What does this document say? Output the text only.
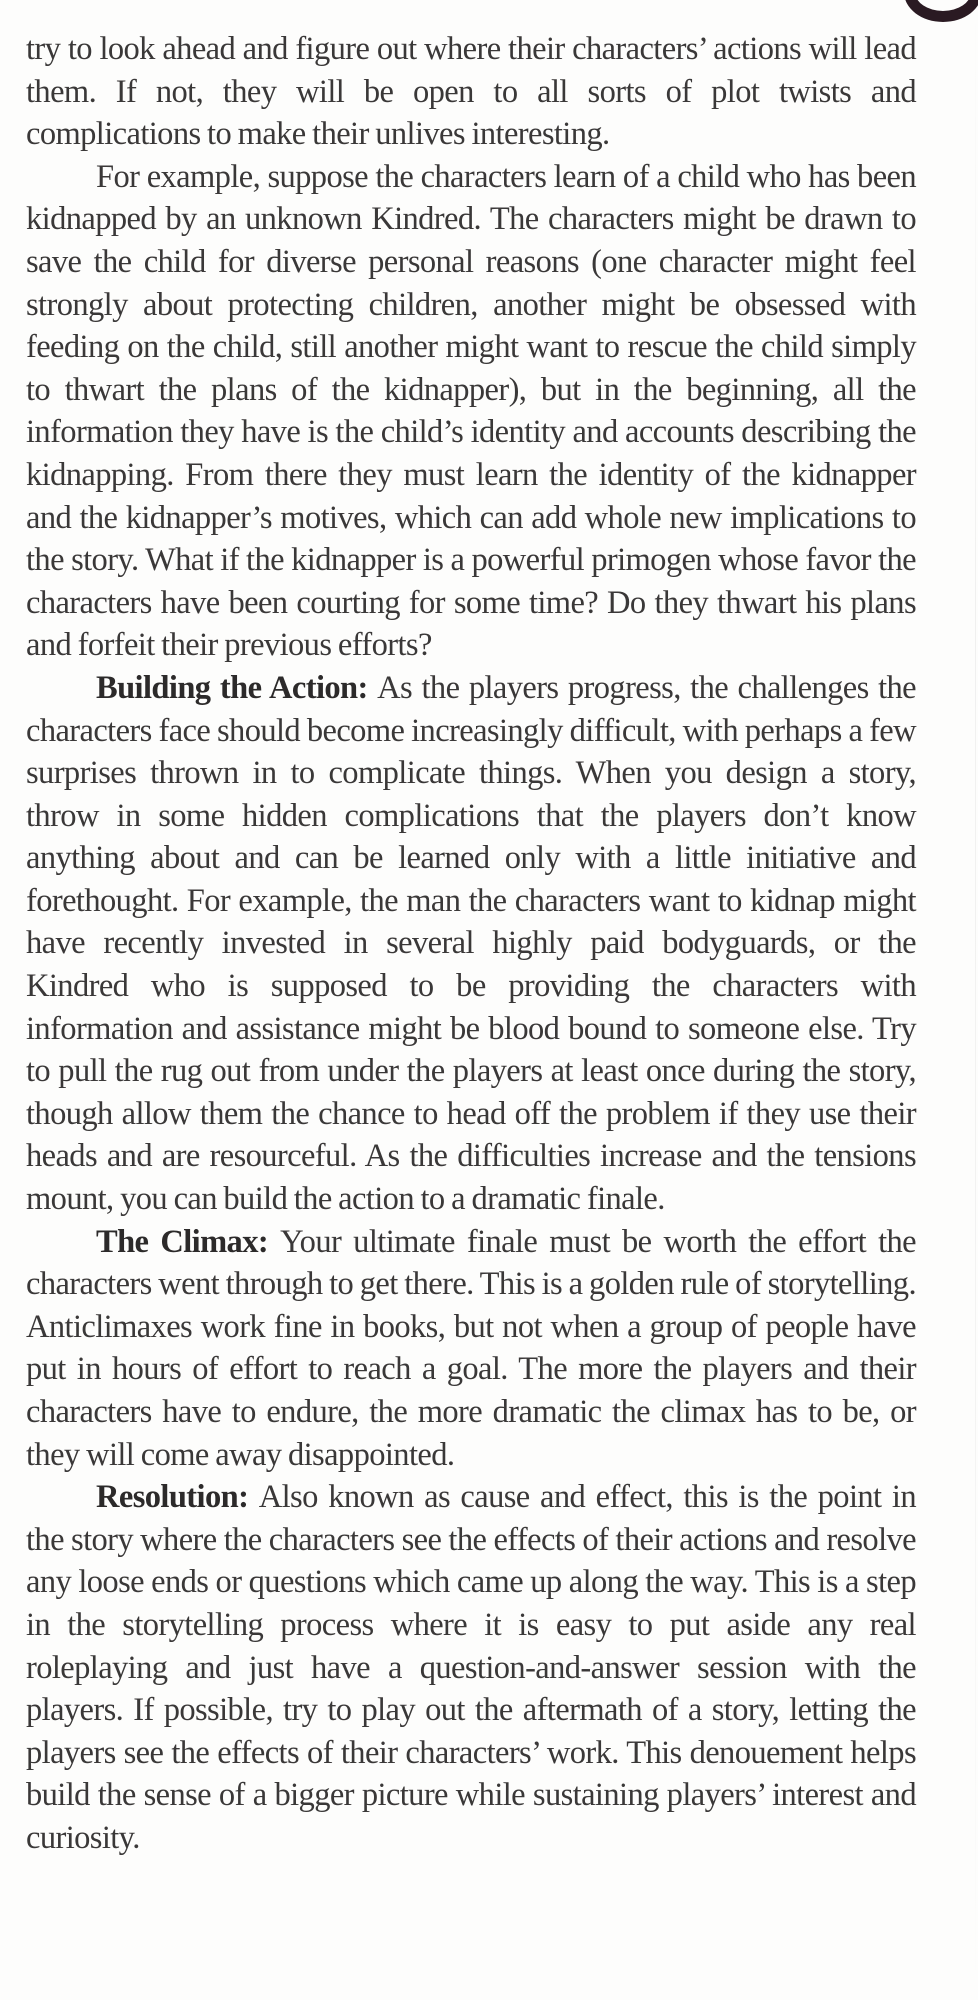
try to look ahead and figure out where their characters’ actions will lead them. If not, they will be open to all sorts of plot twists and complications to make their unlives interesting.

For example, suppose the characters learn of a child who has been kidnapped by an unknown Kindred. The characters might be drawn to save the child for diverse personal reasons (one character might feel strongly about protecting children, another might be obsessed with feeding on the child, still another might want to rescue the child simply to thwart the plans of the kidnapper), but in the beginning, all the information they have is the child’s identity and accounts describing the kidnapping. From there they must learn the identity of the kidnapper and the kidnapper’s motives, which can add whole new implications to the story. What if the kidnapper is a powerful primogen whose favor the characters have been courting for some time? Do they thwart his plans and forfeit their previous efforts?

Building the Action: As the players progress, the challenges the characters face should become increasingly difficult, with perhaps a few surprises thrown in to complicate things. When you design a story, throw in some hidden complications that the players don’t know anything about and can be learned only with a little initiative and forethought. For example, the man the characters want to kidnap might have recently invested in several highly paid bodyguards, or the Kindred who is supposed to be providing the characters with information and assistance might be blood bound to someone else. Try to pull the rug out from under the players at least once during the story, though allow them the chance to head off the problem if they use their heads and are resourceful. As the difficulties increase and the tensions mount, you can build the action to a dramatic finale.

The Climax: Your ultimate finale must be worth the effort the characters went through to get there. This is a golden rule of storytelling. Anticlimaxes work fine in books, but not when a group of people have put in hours of effort to reach a goal. The more the players and their characters have to endure, the more dramatic the climax has to be, or they will come away disappointed.

Resolution: Also known as cause and effect, this is the point in the story where the characters see the effects of their actions and resolve any loose ends or questions which came up along the way. This is a step in the storytelling process where it is easy to put aside any real roleplaying and just have a question-and-answer session with the players. If possible, try to play out the aftermath of a story, letting the players see the effects of their characters’ work. This denouement helps build the sense of a bigger picture while sustaining players’ interest and curiosity.
